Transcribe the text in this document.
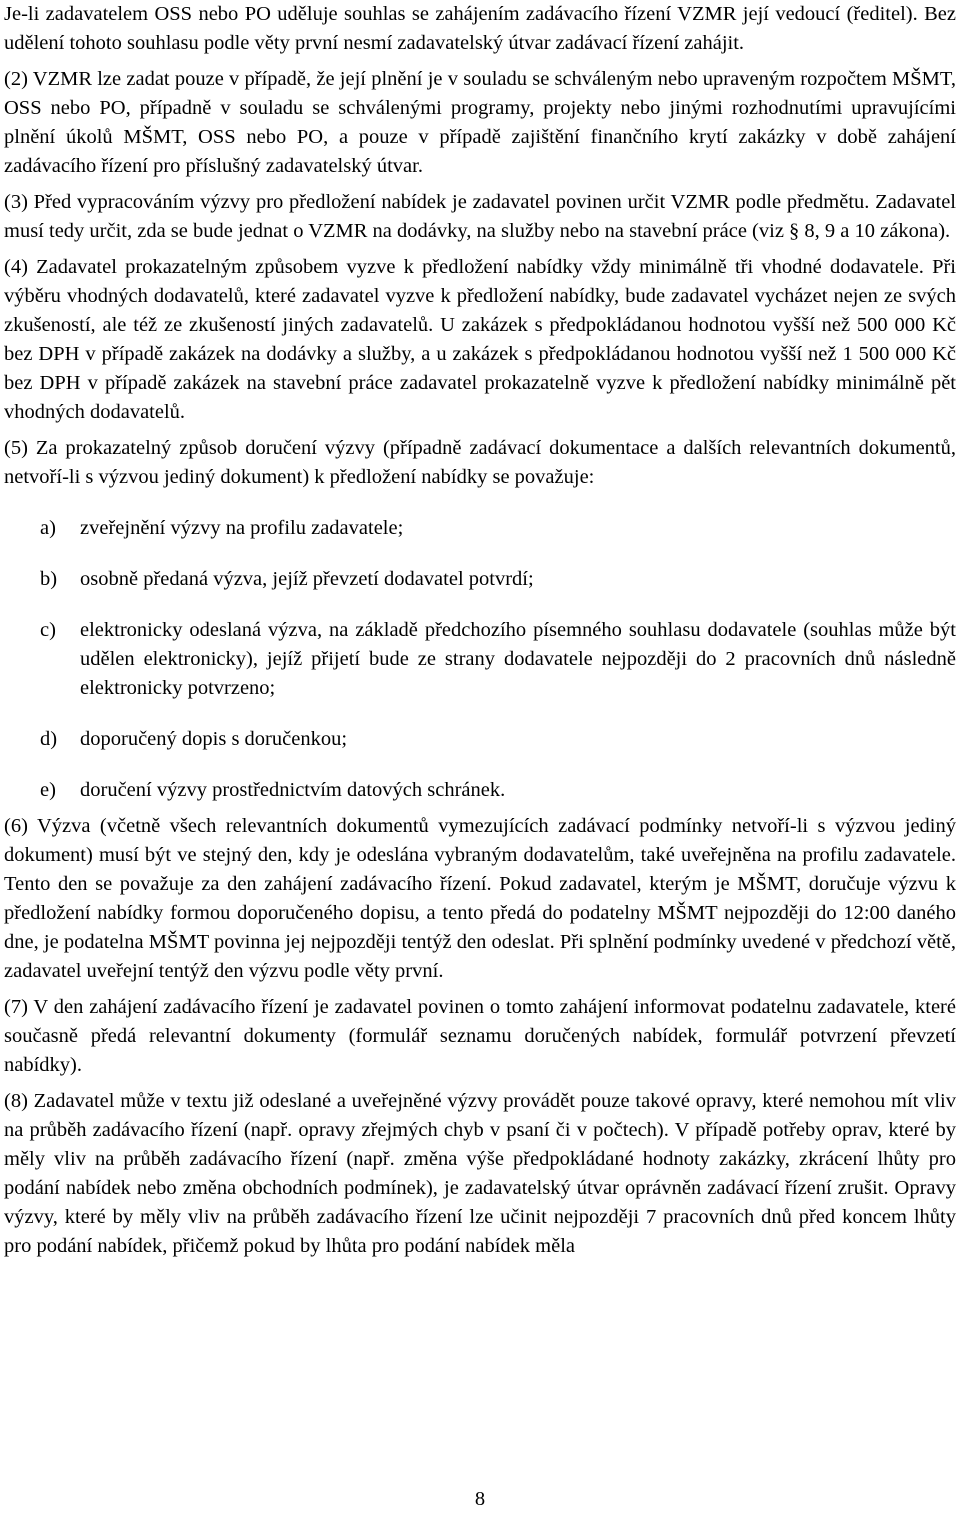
Je-li zadavatelem OSS nebo PO uděluje souhlas se zahájením zadávacího řízení VZMR její vedoucí (ředitel). Bez udělení tohoto souhlasu podle věty první nesmí zadavatelský útvar zadávací řízení zahájit.

(2) VZMR lze zadat pouze v případě, že její plnění je v souladu se schváleným nebo upraveným rozpočtem MŠMT, OSS nebo PO, případně v souladu se schválenými programy, projekty nebo jinými rozhodnutími upravujícími plnění úkolů MŠMT, OSS nebo PO, a pouze v případě zajištění finančního krytí zakázky v době zahájení zadávacího řízení pro příslušný zadavatelský útvar.

(3) Před vypracováním výzvy pro předložení nabídek je zadavatel povinen určit VZMR podle předmětu. Zadavatel musí tedy určit, zda se bude jednat o VZMR na dodávky, na služby nebo na stavební práce (viz § 8, 9 a 10 zákona).

(4) Zadavatel prokazatelným způsobem vyzve k předložení nabídky vždy minimálně tři vhodné dodavatele. Při výběru vhodných dodavatelů, které zadavatel vyzve k předložení nabídky, bude zadavatel vycházet nejen ze svých zkušeností, ale též ze zkušeností jiných zadavatelů. U zakázek s předpokládanou hodnotou vyšší než 500 000 Kč bez DPH v případě zakázek na dodávky a služby, a u zakázek s předpokládanou hodnotou vyšší než 1 500 000 Kč bez DPH v případě zakázek na stavební práce zadavatel prokazatelně vyzve k předložení nabídky minimálně pět vhodných dodavatelů.

(5) Za prokazatelný způsob doručení výzvy (případně zadávací dokumentace a dalších relevantních dokumentů, netvoří-li s výzvou jediný dokument) k předložení nabídky se považuje:

a) zveřejnění výzvy na profilu zadavatele;
b) osobně předaná výzva, jejíž převzetí dodavatel potvrdí;
c) elektronicky odeslaná výzva, na základě předchozího písemného souhlasu dodavatele (souhlas může být udělen elektronicky), jejíž přijetí bude ze strany dodavatele nejpozději do 2 pracovních dnů následně elektronicky potvrzeno;
d) doporučený dopis s doručenkou;
e) doručení výzvy prostřednictvím datových schránek.

(6) Výzva (včetně všech relevantních dokumentů vymezujících zadávací podmínky netvoří-li s výzvou jediný dokument) musí být ve stejný den, kdy je odeslána vybraným dodavatelům, také uveřejněna na profilu zadavatele. Tento den se považuje za den zahájení zadávacího řízení. Pokud zadavatel, kterým je MŠMT, doručuje výzvu k předložení nabídky formou doporučeného dopisu, a tento předá do podatelny MŠMT nejpozději do 12:00 daného dne, je podatelna MŠMT povinna jej nejpozději tentýž den odeslat. Při splnění podmínky uvedené v předchozí větě, zadavatel uveřejní tentýž den výzvu podle věty první.

(7) V den zahájení zadávacího řízení je zadavatel povinen o tomto zahájení informovat podatelnu zadavatele, které současně předá relevantní dokumenty (formulář seznamu doručených nabídek, formulář potvrzení převzetí nabídky).

(8) Zadavatel může v textu již odeslané a uveřejněné výzvy provádět pouze takové opravy, které nemohou mít vliv na průběh zadávacího řízení (např. opravy zřejmých chyb v psaní či v počtech). V případě potřeby oprav, které by měly vliv na průběh zadávacího řízení (např. změna výše předpokládané hodnoty zakázky, zkrácení lhůty pro podání nabídek nebo změna obchodních podmínek), je zadavatelský útvar oprávněn zadávací řízení zrušit. Opravy výzvy, které by měly vliv na průběh zadávacího řízení lze učinit nejpozději 7 pracovních dnů před koncem lhůty pro podání nabídek, přičemž pokud by lhůta pro podání nabídek měla

8
